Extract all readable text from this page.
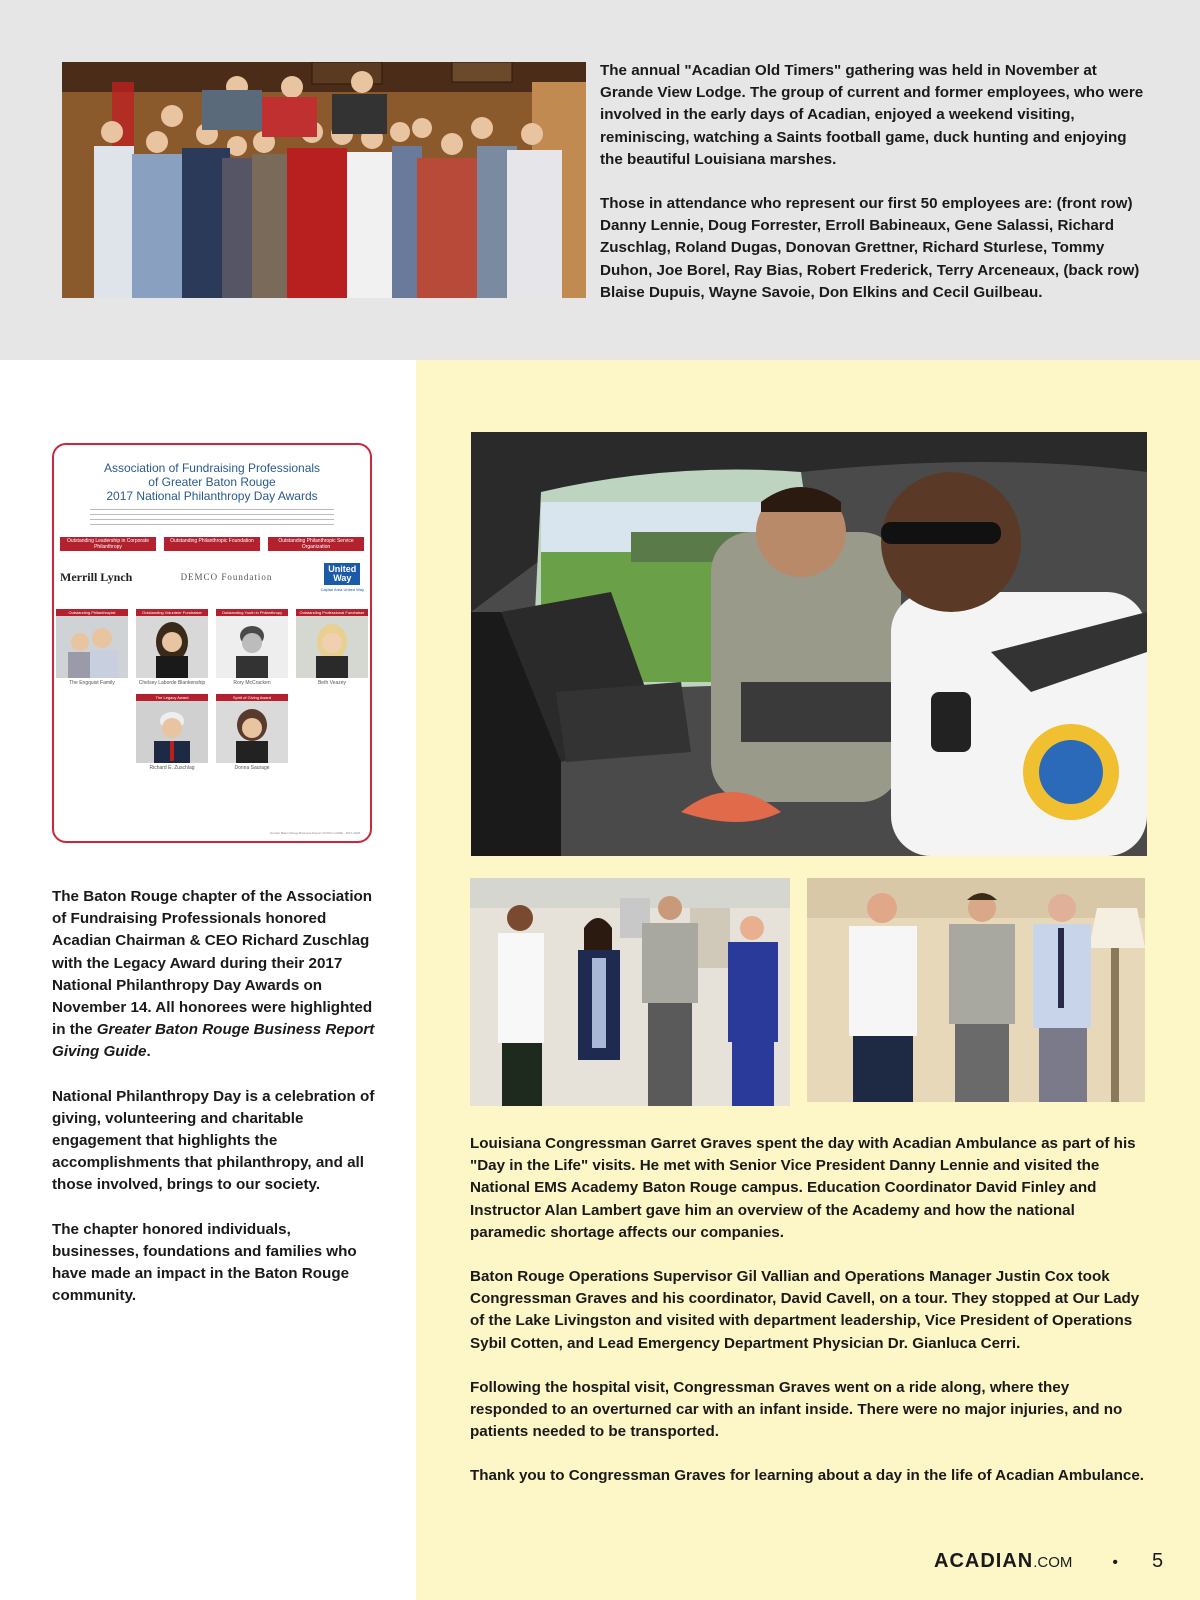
The annual "Acadian Old Timers" gathering was held in November at Grande View Lodge. The group of current and former employees, who were involved in the early days of Acadian, enjoyed a weekend visiting, reminiscing, watching a Saints football game, duck hunting and enjoying the beautiful Louisiana marshes.

Those in attendance who represent our first 50 employees are: (front row) Danny Lennie, Doug Forrester, Erroll Babineaux, Gene Salassi, Richard Zuschlag, Roland Dugas, Donovan Grettner, Richard Sturlese, Tommy Duhon, Joe Borel, Ray Bias, Robert Frederick, Terry Arceneaux, (back row) Blaise Dupuis, Wayne Savoie, Don Elkins and Cecil Guilbeau.

Association of Fundraising Professionals
of Greater Baton Rouge
2017 National Philanthropy Day Awards
Outstanding Leadership in Corporate Philanthropy
Outstanding Philanthropic Foundation	Outstanding Philanthropic Service Organization
Merrill Lynch	DEMCO Foundation
United
Way
Capital Area United Way
Outstanding Philanthropist
The Engquist Family
Outstanding Volunteer Fundraiser
Chelsey Laborde Blankenship
Outstanding Youth in Philanthropy
Rory McCracken
Outstanding Professional Fundraiser
Beth Veazey
The Legacy Award
Richard E. Zuschlag
Spirit of Giving Award
Donna Saurage
Greater Baton Rouge Business Report GIVING GUIDE · 2017-2018

The Baton Rouge chapter of the Association of Fundraising Professionals honored Acadian Chairman & CEO Richard Zuschlag with the Legacy Award during their 2017 National Philanthropy Day Awards on November 14. All honorees were highlighted in the Greater Baton Rouge Business Report Giving Guide.

National Philanthropy Day is a celebration of giving, volunteering and charitable engagement that highlights the accomplishments that philanthropy, and all those involved, brings to our society.

The chapter honored individuals, businesses, foundations and families who have made an impact in the Baton Rouge community.

Louisiana Congressman Garret Graves spent the day with Acadian Ambulance as part of his "Day in the Life" visits. He met with Senior Vice President Danny Lennie and visited the National EMS Academy Baton Rouge campus. Education Coordinator David Finley and Instructor Alan Lambert gave him an overview of the Academy and how the national paramedic shortage affects our companies.

Baton Rouge Operations Supervisor Gil Vallian and Operations Manager Justin Cox took Congressman Graves and his coordinator, David Cavell, on a tour. They stopped at Our Lady of the Lake Livingston and visited with department leadership, Vice President of Operations Sybil Cotten, and Lead Emergency Department Physician Dr. Gianluca Cerri.

Following the hospital visit, Congressman Graves went on a ride along, where they responded to an overturned car with an infant inside. There were no major injuries, and no patients needed to be transported.

Thank you to Congressman Graves for learning about a day in the life of Acadian Ambulance.

ACADIAN .COM	• 5
